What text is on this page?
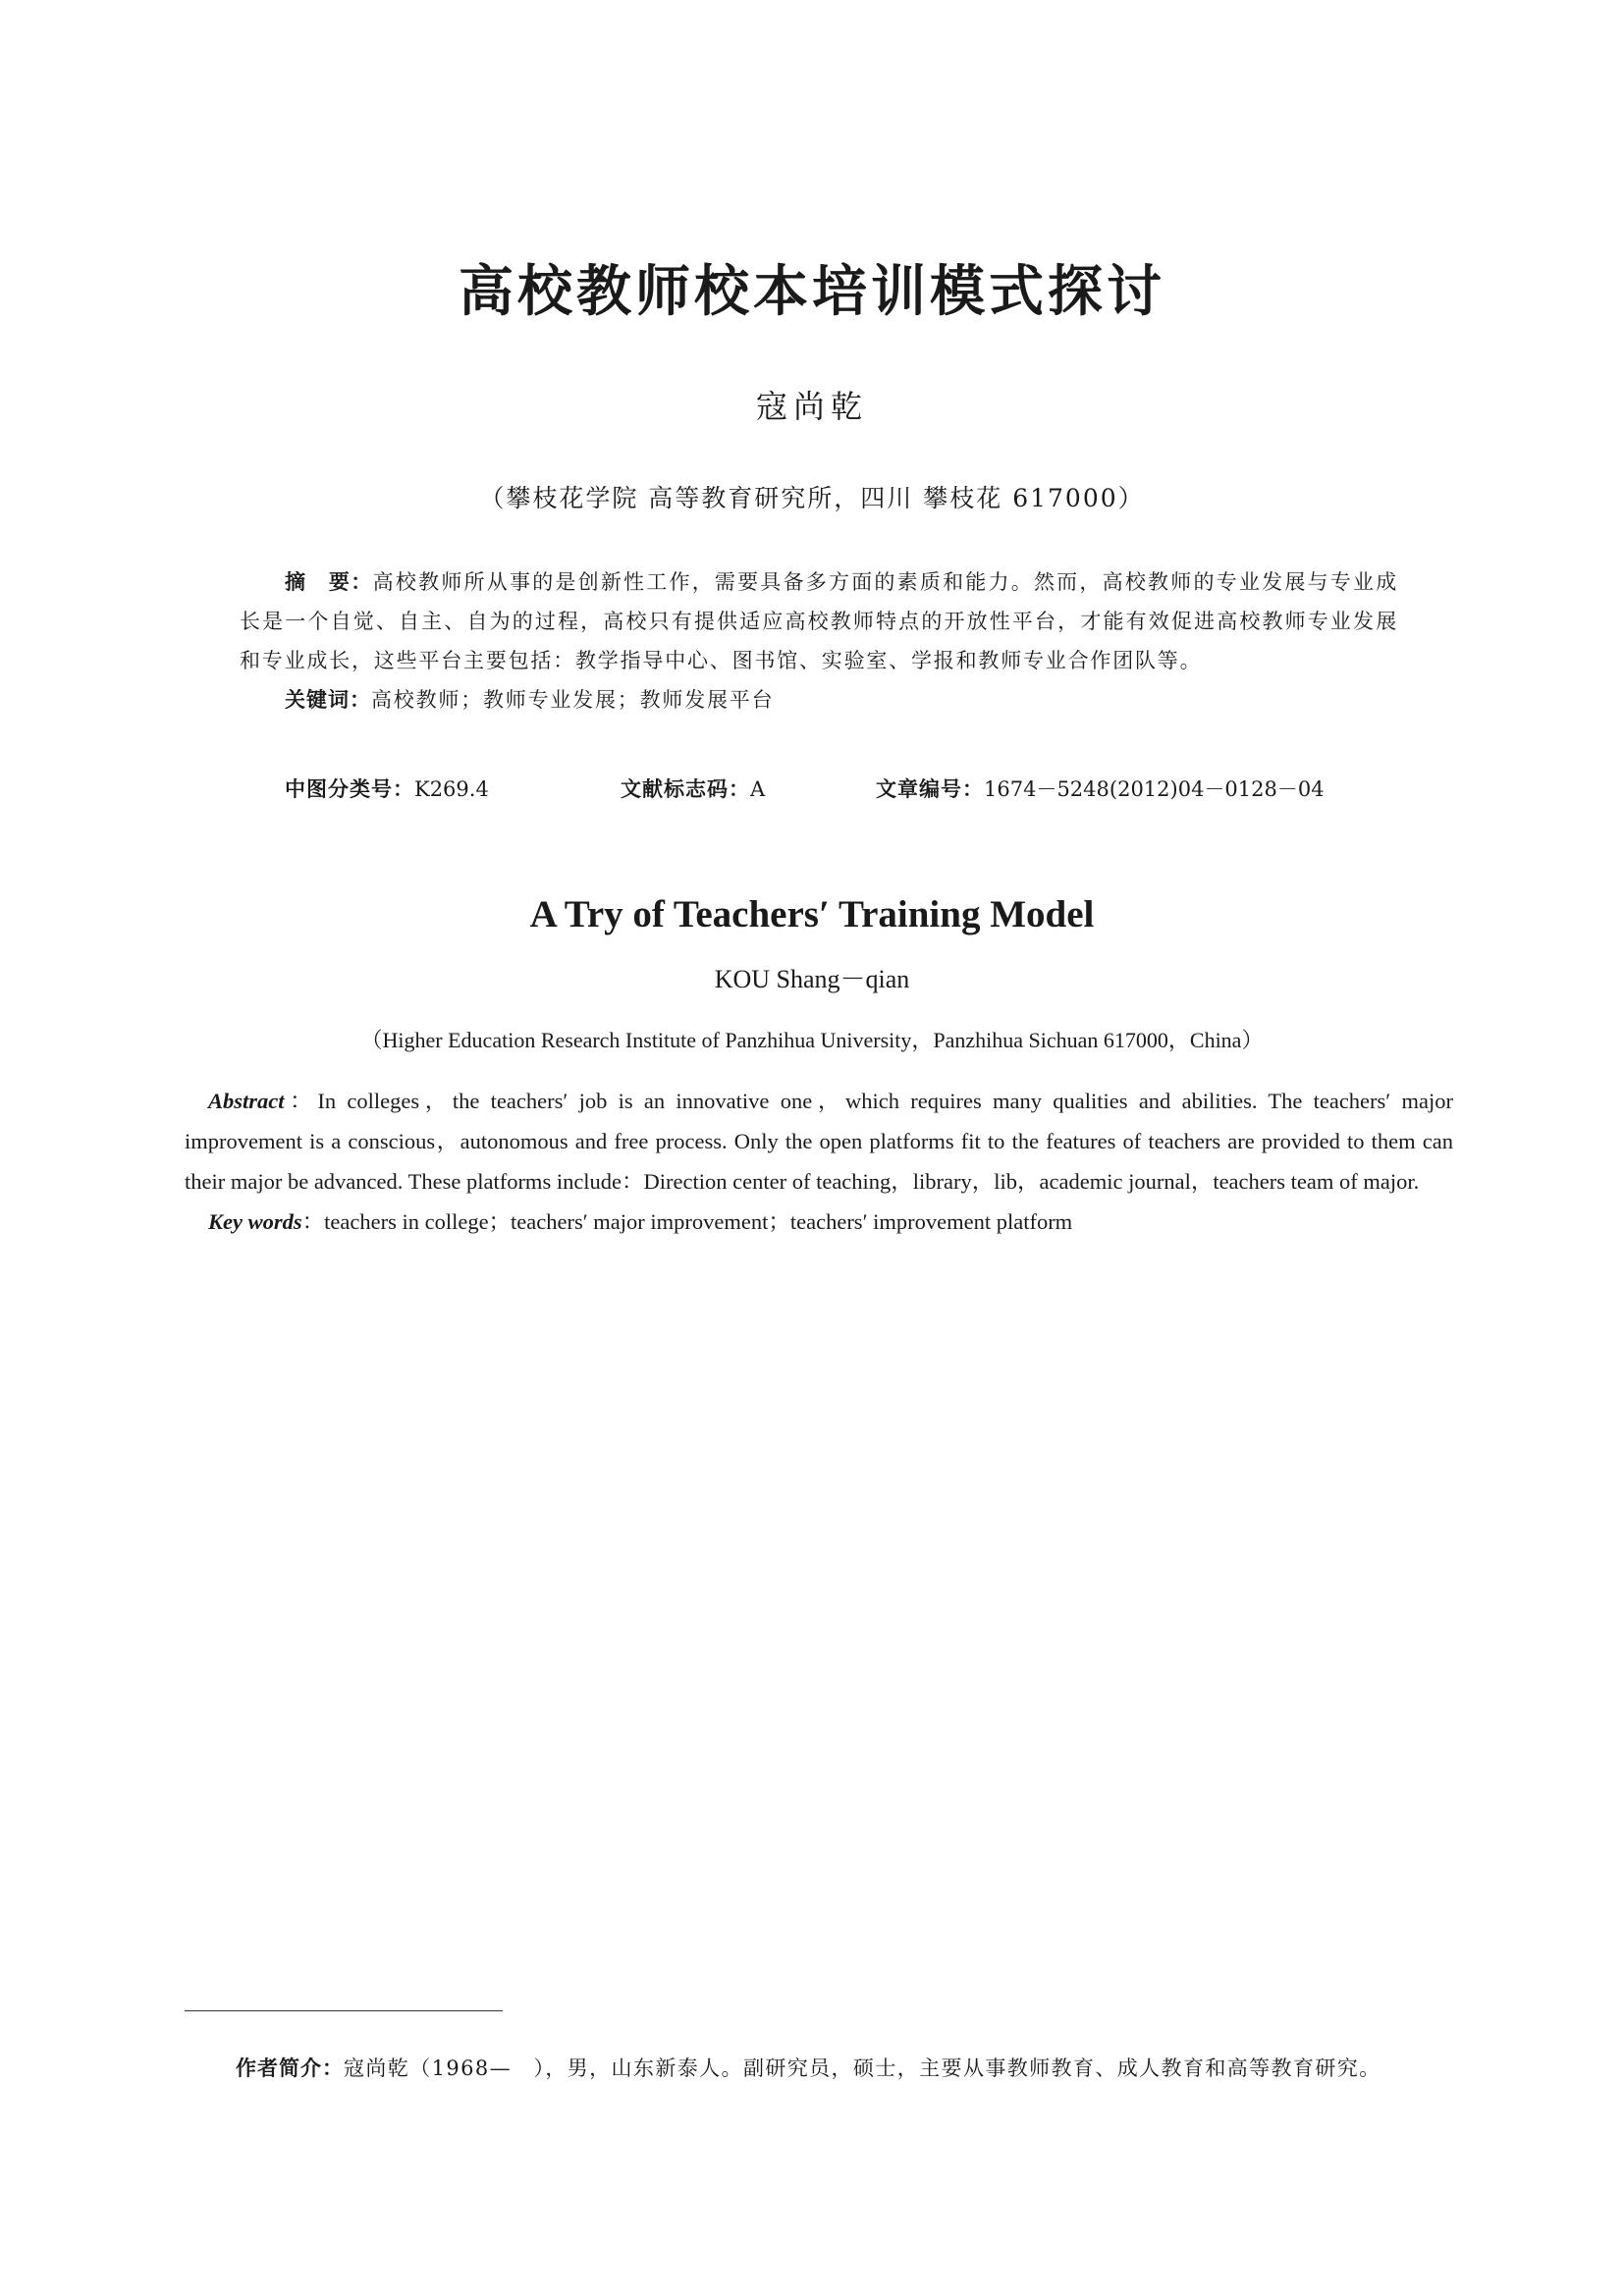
高校教师校本培训模式探讨
寇尚乾
（攀枝花学院 高等教育研究所，四川 攀枝花 617000）

摘　要：高校教师所从事的是创新性工作，需要具备多方面的素质和能力。然而，高校教师的专业发展与专业成长是一个自觉、自主、自为的过程，高校只有提供适应高校教师特点的开放性平台，才能有效促进高校教师专业发展和专业成长，这些平台主要包括：教学指导中心、图书馆、实验室、学报和教师专业合作团队等。

关键词：高校教师；教师专业发展；教师发展平台

中图分类号：K269.4	文献标志码：A	文章编号：1674－5248(2012)04－0128－04
A Try of Teachers′ Training Model
KOU Shang－qian
（Higher Education Research Institute of Panzhihua University，Panzhihua Sichuan 617000，China）

Abstract：In colleges，the teachers′ job is an innovative one，which requires many qualities and abilities. The teachers′ major improvement is a conscious，autonomous and free process. Only the open platforms fit to the features of teachers are provided to them can their major be advanced. These platforms include：Direction center of teaching，library，lib，academic journal，teachers team of major.

Key words：teachers in college；teachers′ major improvement；teachers′ improvement platform

作者简介：寇尚乾（1968—　），男，山东新泰人。副研究员，硕士，主要从事教师教育、成人教育和高等教育研究。
